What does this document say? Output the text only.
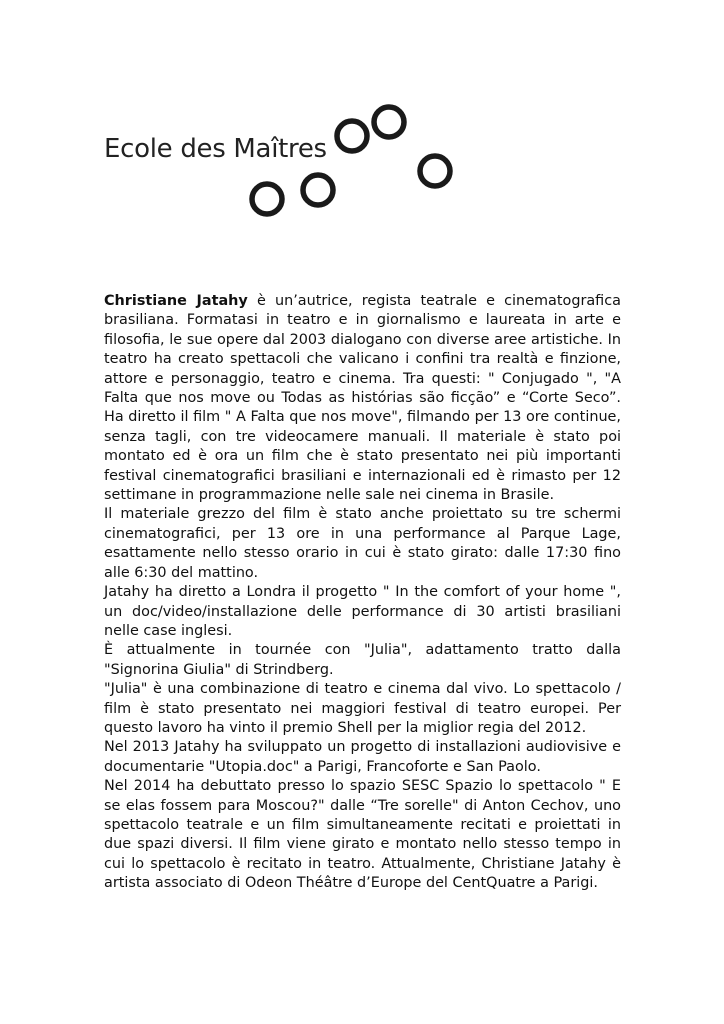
Ecole des Maîtres

Christiane Jatahy è un’autrice, regista teatrale e cinematografica brasiliana. Formatasi in teatro e in giornalismo e laureata in arte e filosofia, le sue opere dal 2003 dialogano con diverse aree artistiche. In teatro ha creato spettacoli che valicano i confini tra realtà e finzione, attore e personaggio, teatro e cinema. Tra questi: " Conjugado ", "A Falta que nos move ou Todas as histórias são ficção” e “Corte Seco”. Ha diretto il film " A Falta que nos move", filmando per 13 ore continue, senza tagli, con tre videocamere manuali. Il materiale è stato poi montato ed è ora un film che è stato presentato nei più importanti festival cinematografici brasiliani e internazionali ed è rimasto per 12 settimane in programmazione nelle sale nei cinema in Brasile.

Il materiale grezzo del film è stato anche proiettato su tre schermi cinematografici, per 13 ore in una performance al Parque Lage, esattamente nello stesso orario in cui è stato girato: dalle 17:30 fino alle 6:30 del mattino.

Jatahy ha diretto a Londra il progetto " In the comfort of your home ", un doc/video/installazione delle performance di 30 artisti brasiliani nelle case inglesi.

È attualmente in tournée con "Julia", adattamento tratto dalla "Signorina Giulia" di Strindberg.

"Julia" è una combinazione di teatro e cinema dal vivo. Lo spettacolo / film è stato presentato nei maggiori festival di teatro europei. Per questo lavoro ha vinto il premio Shell per la miglior regia del 2012.

Nel 2013 Jatahy ha sviluppato un progetto di installazioni audiovisive e documentarie "Utopia.doc" a Parigi, Francoforte e San Paolo.

Nel 2014 ha debuttato presso lo spazio SESC Spazio lo spettacolo " E se elas fossem para Moscou?" dalle “Tre sorelle" di Anton Cechov, uno spettacolo teatrale e un film simultaneamente recitati e proiettati in due spazi diversi. Il film viene girato e montato nello stesso tempo in cui lo spettacolo è recitato in teatro. Attualmente, Christiane Jatahy è artista associato di Odeon Théâtre d’Europe del CentQuatre a Parigi.
